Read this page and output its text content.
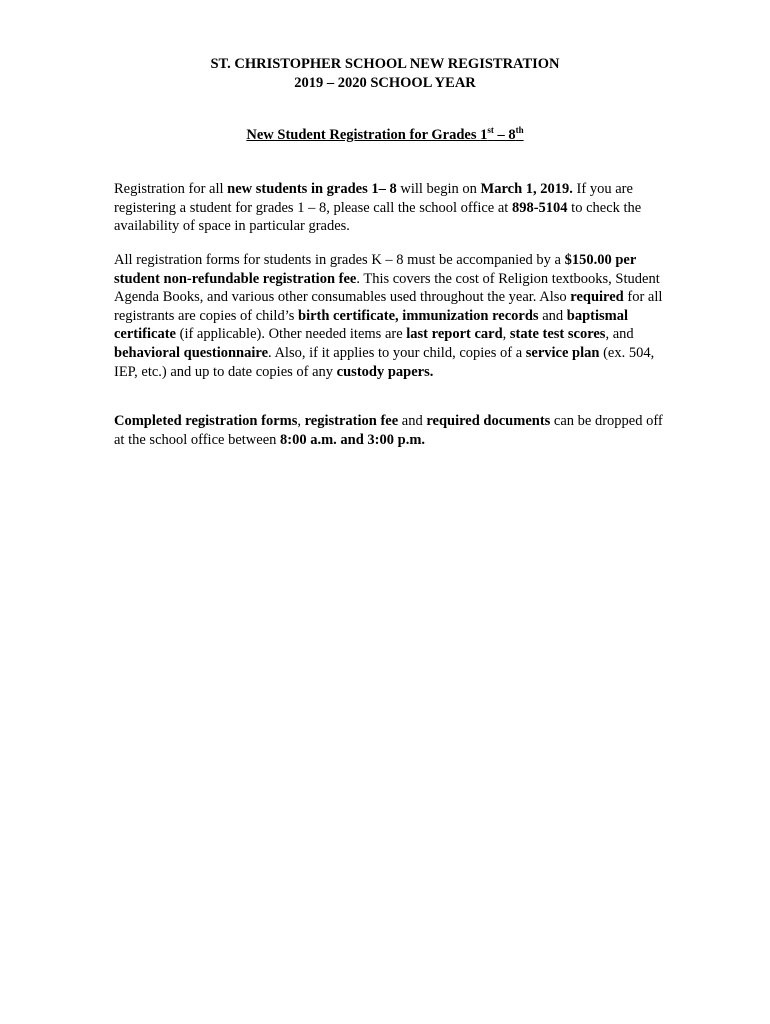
ST. CHRISTOPHER SCHOOL NEW REGISTRATION
2019 – 2020 SCHOOL YEAR
New Student Registration for Grades 1st – 8th

Registration for all new students in grades 1– 8 will begin on March 1, 2019. If you are registering a student for grades 1 – 8, please call the school office at 898-5104 to check the availability of space in particular grades.

All registration forms for students in grades K – 8 must be accompanied by a $150.00 per student non-refundable registration fee. This covers the cost of Religion textbooks, Student Agenda Books, and various other consumables used throughout the year. Also required for all registrants are copies of child’s birth certificate, immunization records and baptismal certificate (if applicable). Other needed items are last report card, state test scores, and behavioral questionnaire. Also, if it applies to your child, copies of a service plan (ex. 504, IEP, etc.) and up to date copies of any custody papers.

Completed registration forms, registration fee and required documents can be dropped off at the school office between 8:00 a.m. and 3:00 p.m.
